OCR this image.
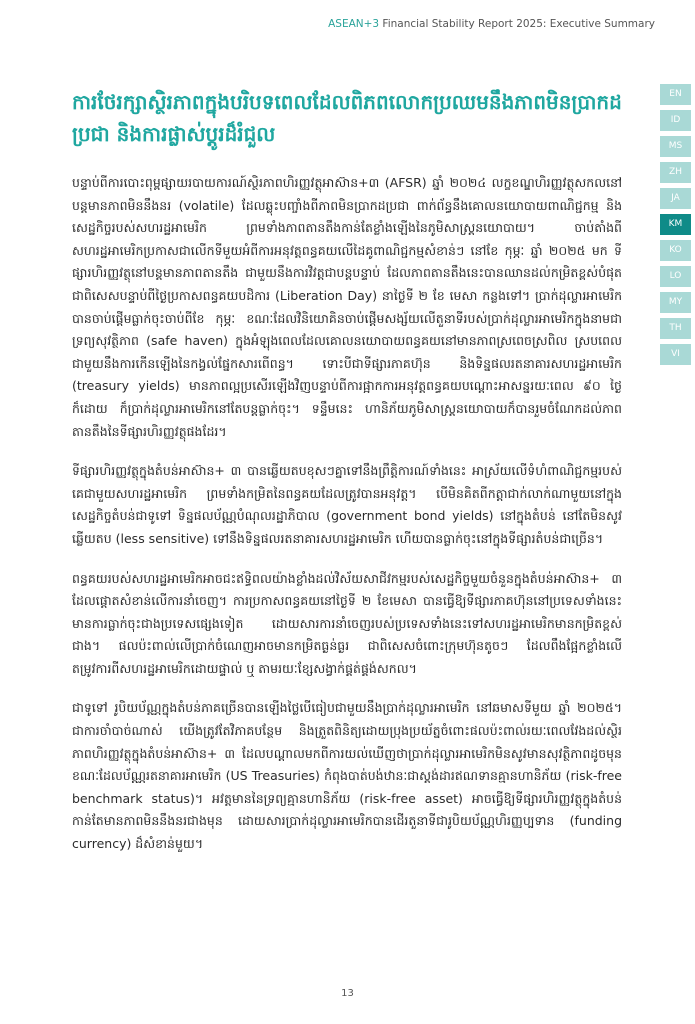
ASEAN+3 Financial Stability Report 2025: Executive Summary
ការថែរក្សាស្ថិរភាពក្នុងបរិបទពេលដែលពិភពលោកប្រឈមនឹងភាពមិនប្រាកដប្រជា និងការផ្លាស់ប្តូរដ៏រំជួល
EN
ID
MS
ZH
JA
KM
KO
LO
MY
TH
VI

បន្ទាប់ពីការបោះពុម្ពផ្សាយរបាយការណ៍ស្ថិរភាពហិរញ្ញវត្ថុអាស៊ាន+៣ (AFSR) ឆ្នាំ ២០២៤ លក្ខខណ្ឌហិរញ្ញវត្ថុសកលនៅបន្តមានភាពមិននឹងនរ (volatile) ដែលឆ្លុះបញ្ចាំងពីភាពមិនប្រាកដប្រជា ពាក់ព័ន្ធនឹងគោលនយោបាយពាណិជ្ជកម្ម និងសេដ្ឋកិច្ចរបស់សហរដ្ឋអាមេរិក ព្រមទាំងភាពតានតឹងកាន់តែខ្លាំងឡើងនៃភូមិសាស្ត្រនយោបាយ។ ចាប់តាំងពីសហរដ្ឋអាមេរិកប្រកាសជាលើកទីមួយអំពីការអនុវត្តពន្ធគយលើដៃគូពាណិជ្ជកម្មសំខាន់ៗ នៅខែ កុម្ភៈ ឆ្នាំ ២០២៥ មក ទីផ្សារហិរញ្ញវត្ថុនៅបន្តមានភាពតានតឹង ជាមួយនឹងការវិវត្តជាបន្តបន្ទាប់ ដែលភាពតានតឹងនេះបានឈានដល់កម្រិតខ្ពស់បំផុត ជាពិសេសបន្ទាប់ពីថ្ងៃប្រកាសពន្ធគយបដិការ (Liberation Day) នាថ្ងៃទី ២ ខែ មេសា កន្លងទៅ។ ប្រាក់ដុល្លារអាមេរិកបានចាប់ផ្តើមធ្លាក់ចុះចាប់ពីខែ កុម្ភៈ ខណៈដែលវិនិយោគិនចាប់ផ្តើមសង្ស័យលើតួនាទីរបស់ប្រាក់ដុល្លារអាមេរិកក្នុងនាមជាទ្រព្យសុវត្ថិភាព (safe haven) ក្នុងអំឡុងពេលដែលគោលនយោបាយពន្ធគយនៅមានភាពស្រពេចស្រពិល ស្របពេលជាមួយនឹងការកើនឡើងនៃកង្វល់ផ្នែកសារពើពន្ធ។ ទោះបីជាទីផ្សារភាគហ៊ុន និងទិន្នផលរតនាគារសហរដ្ឋអាមេរិក (treasury yields) មានភាពល្អប្រសើរឡើងវិញបន្ទាប់ពីការផ្អាកការអនុវត្តពន្ធគយបណ្តោះអាសន្នរយៈពេល ៩០ ថ្ងៃ ក៏ដោយ ក៏ប្រាក់ដុល្លារអាមេរិកនៅតែបន្តធ្លាក់ចុះ។ ទន្ទឹមនេះ ហានិភ័យភូមិសាស្ត្រនយោបាយក៏បានរួមចំណែកដល់ភាពតានតឹងនៃទីផ្សារហិរញ្ញវត្ថុផងដែរ។

ទីផ្សារហិរញ្ញវត្ថុក្នុងតំបន់អាស៊ាន+ ៣ បានឆ្លើយតបខុសៗគ្នាទៅនឹងព្រឹត្តិការណ៍ទាំងនេះ អាស្រ័យលើទំហំពាណិជ្ជកម្មរបស់គេជាមួយសហរដ្ឋអាមេរិក ព្រមទាំងកម្រិតនៃពន្ធគយដែលត្រូវបានអនុវត្ត។ បើមិនគិតពីកត្តាជាក់លាក់ណាមួយនៅក្នុងសេដ្ឋកិច្ចតំបន់ជាទូទៅ ទិន្នផលប័ណ្ណបំណុលរដ្ឋាភិបាល (government bond yields) នៅក្នុងតំបន់ នៅតែមិនសូវឆ្លើយតប (less sensitive) ទៅនឹងទិន្នផលរតនាគារសហរដ្ឋអាមេរិក ហើយបានធ្លាក់ចុះនៅក្នុងទីផ្សារតំបន់ជាច្រើន។

ពន្ធគយរបស់សហរដ្ឋអាមេរិកអាចជះឥទ្ធិពលយ៉ាងខ្លាំងដល់វិស័យសាជីវកម្មរបស់សេដ្ឋកិច្ចមួយចំនួនក្នុងតំបន់អាស៊ាន+ ៣ ដែលផ្តោតសំខាន់លើការនាំចេញ។ ការប្រកាសពន្ធគយនៅថ្ងៃទី ២ ខែមេសា បានធ្វើឱ្យទីផ្សារភាគហ៊ុននៅប្រទេសទាំងនេះមានការធ្លាក់ចុះជាងប្រទេសផ្សេងទៀត ដោយសារការនាំចេញរបស់ប្រទេសទាំងនេះទៅសហរដ្ឋអាមេរិកមានកម្រិតខ្ពស់ជាង។ ផលប៉ះពាល់លើប្រាក់ចំណេញអាចមានកម្រិតធ្ងន់ធ្ងរ ជាពិសេសចំពោះក្រុមហ៊ុនតូចៗ ដែលពឹងផ្អែកខ្លាំងលើតម្រូវការពីសហរដ្ឋអាមេរិកដោយផ្ទាល់ ឬ តាមរយៈខ្សែសង្វាក់ផ្គត់ផ្គង់សកល។

ជាទូទៅ រូបិយប័ណ្ណក្នុងតំបន់ភាគច្រើនបានឡើងថ្លៃបើធៀបជាមួយនឹងប្រាក់ដុល្លារអាមេរិក នៅឆមាសទីមួយ ឆ្នាំ ២០២៥។ ជាការចាំបាច់ណាស់ យើងត្រូវតែវិភាគបន្ថែម និងត្រួតពិនិត្យដោយប្រុងប្រយ័ត្នចំពោះផលប៉ះពាល់រយៈពេលវែងដល់ស្ថិរភាពហិរញ្ញវត្ថុក្នុងតំបន់អាស៊ាន+ ៣ ដែលបណ្តាលមកពីការយល់ឃើញថាប្រាក់ដុល្លារអាមេរិកមិនសូវមានសុវត្ថិភាពដូចមុន ខណៈដែលប័ណ្ណរតនាគារអាមេរិក (US Treasuries) កំពុងបាត់បង់ឋានៈជាស្តង់ដារឥណទានគ្មានហានិភ័យ (risk-free benchmark status)។ អវត្តមាននៃទ្រព្យគ្មានហានិភ័យ (risk-free asset) អាចធ្វើឱ្យទីផ្សារហិរញ្ញវត្ថុក្នុងតំបន់កាន់តែមានភាពមិននឹងនរជាងមុន ដោយសារប្រាក់ដុល្លារអាមេរិកបានដើរតួនាទីជារូបិយប័ណ្ណហិរញ្ញប្បទាន (funding currency) ដ៏សំខាន់មួយ។

13
